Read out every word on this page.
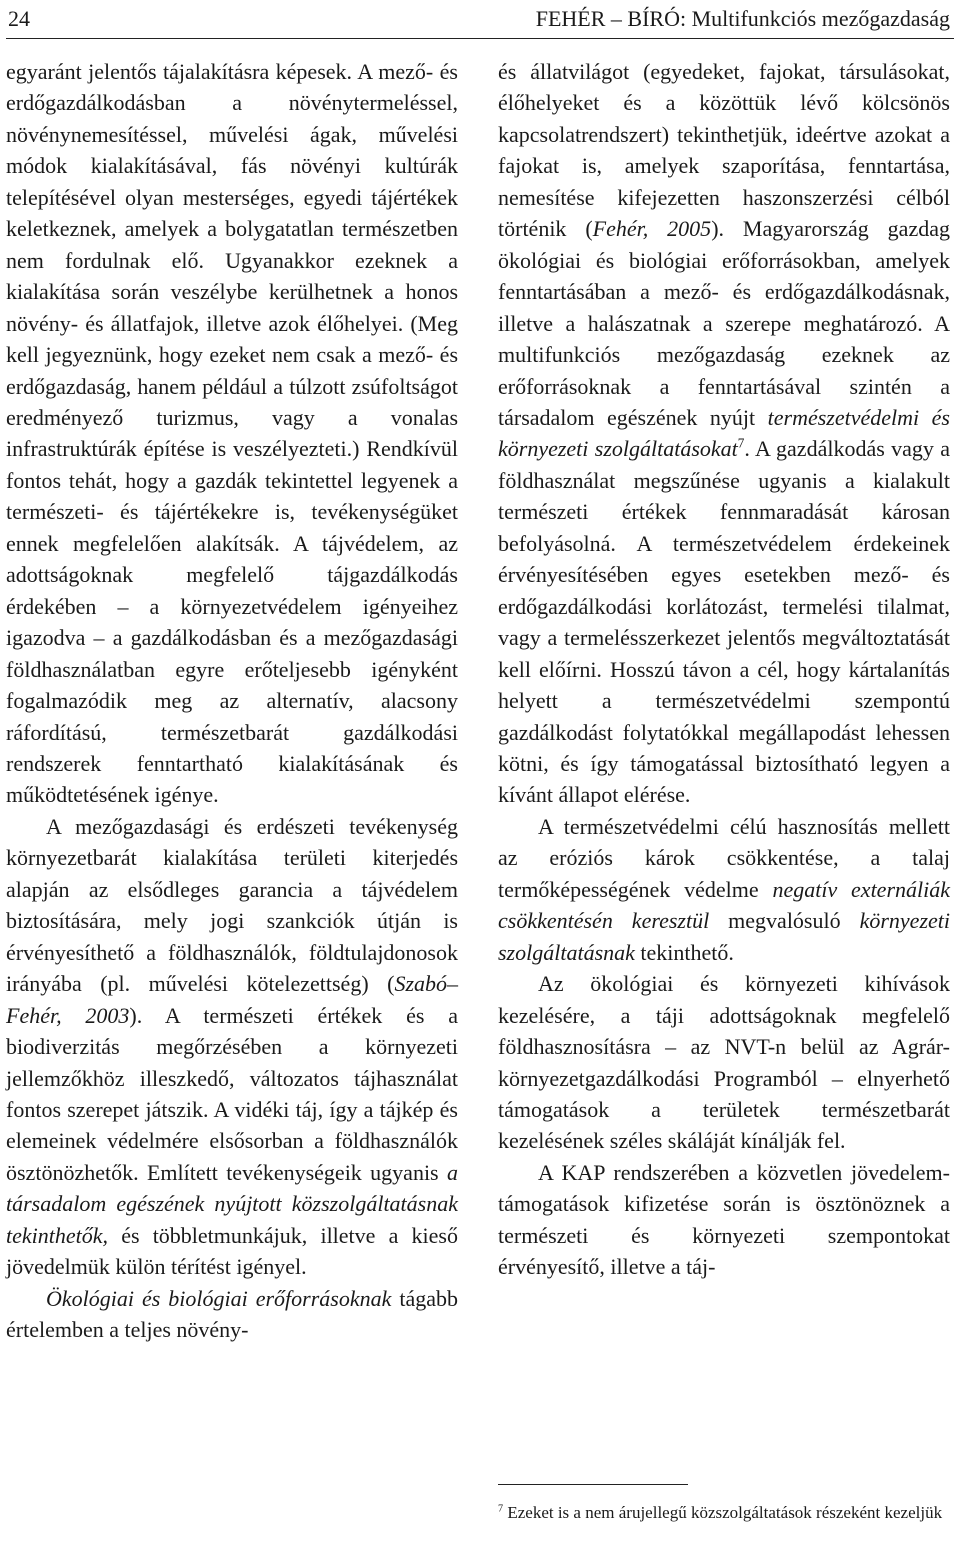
24	FEHÉR – BÍRÓ: Multifunkciós mezőgazdaság

egyaránt jelentős tájalakításra képesek. A mező- és erdőgazdálkodásban a növénytermeléssel, növénynemesítéssel, művelési ágak, művelési módok kialakításával, fás növényi kultúrák telepítésével olyan mesterséges, egyedi tájértékek keletkeznek, amelyek a bolygatatlan természetben nem fordulnak elő. Ugyanakkor ezeknek a kialakítása során veszélybe kerülhetnek a honos növény- és állatfajok, illetve azok élőhelyei. (Meg kell jegyeznünk, hogy ezeket nem csak a mező- és erdőgazdaság, hanem például a túlzott zsúfoltságot eredményező turizmus, vagy a vonalas infrastruktúrák építése is veszélyezteti.) Rendkívül fontos tehát, hogy a gazdák tekintettel legyenek a természeti- és tájértékekre is, tevékenységüket ennek megfelelően alakítsák. A tájvédelem, az adottságoknak megfelelő tájgazdálkodás érdekében – a környezetvédelem igényeihez igazodva – a gazdálkodásban és a mezőgazdasági földhasználatban egyre erőteljesebb igényként fogalmazódik meg az alternatív, alacsony ráfordítású, természetbarát gazdálkodási rendszerek fenntartható kialakításának és működtetésének igénye.

A mezőgazdasági és erdészeti tevékenység környezetbarát kialakítása területi kiterjedés alapján az elsődleges garancia a tájvédelem biztosítására, mely jogi szankciók útján is érvényesíthető a földhasználók, földtulajdonosok irányába (pl. művelési kötelezettség) (Szabó– Fehér, 2003). A természeti értékek és a biodiverzitás megőrzésében a környezeti jellemzőkhöz illeszkedő, változatos tájhasználat fontos szerepet játszik. A vidéki táj, így a tájkép és elemeinek védelmére elsősorban a földhasználók ösztönözhetők. Említett tevékenységeik ugyanis a társadalom egészének nyújtott közszolgáltatásnak tekinthetők, és többletmunkájuk, illetve a kieső jövedelmük külön térítést igényel.

Ökológiai és biológiai erőforrásoknak tágabb értelemben a teljes növény-

és állatvilágot (egyedeket, fajokat, társulásokat, élőhelyeket és a közöttük lévő kölcsönös kapcsolatrendszert) tekinthetjük, ideértve azokat a fajokat is, amelyek szaporítása, fenntartása, nemesítése kifejezetten haszonszerzési célból történik (Fehér, 2005). Magyarország gazdag ökológiai és biológiai erőforrásokban, amelyek fenntartásában a mező- és erdőgazdálkodásnak, illetve a halászatnak a szerepe meghatározó. A multifunkciós mezőgazdaság ezeknek az erőforrásoknak a fenntartásával szintén a társadalom egészének nyújt természetvédelmi és környezeti szolgáltatásokat$^7$. A gazdálkodás vagy a földhasználat megszűnése ugyanis a kialakult természeti értékek fennmaradását károsan befolyásolná. A természetvédelem érdekeinek érvényesítésében egyes esetekben mező- és erdőgazdálkodási korlátozást, termelési tilalmat, vagy a termelésszerkezet jelentős megváltoztatását kell előírni. Hosszú távon a cél, hogy kártalanítás helyett a természetvédelmi szempontú gazdálkodást folytatókkal megállapodást lehessen kötni, és így támogatással biztosítható legyen a kívánt állapot elérése.

A természetvédelmi célú hasznosítás mellett az eróziós károk csökkentése, a talaj termőképességének védelme negatív externáliák csökkentésén keresztül megvalósuló környezeti szolgáltatásnak tekinthető.

Az ökológiai és környezeti kihívások kezelésére, a táji adottságoknak megfelelő földhasznosításra – az NVT-n belül az Agrár-környezetgazdálkodási Programból – elnyerhető támogatások a területek természetbarát kezelésének széles skáláját kínálják fel.

A KAP rendszerében a közvetlen jövedelem-támogatások kifizetése során is ösztönöznek a természeti és környezeti szempontokat érvényesítő, illetve a táj-

$^7$ Ezeket is a nem árujellegű közszolgáltatások részeként kezeljük
